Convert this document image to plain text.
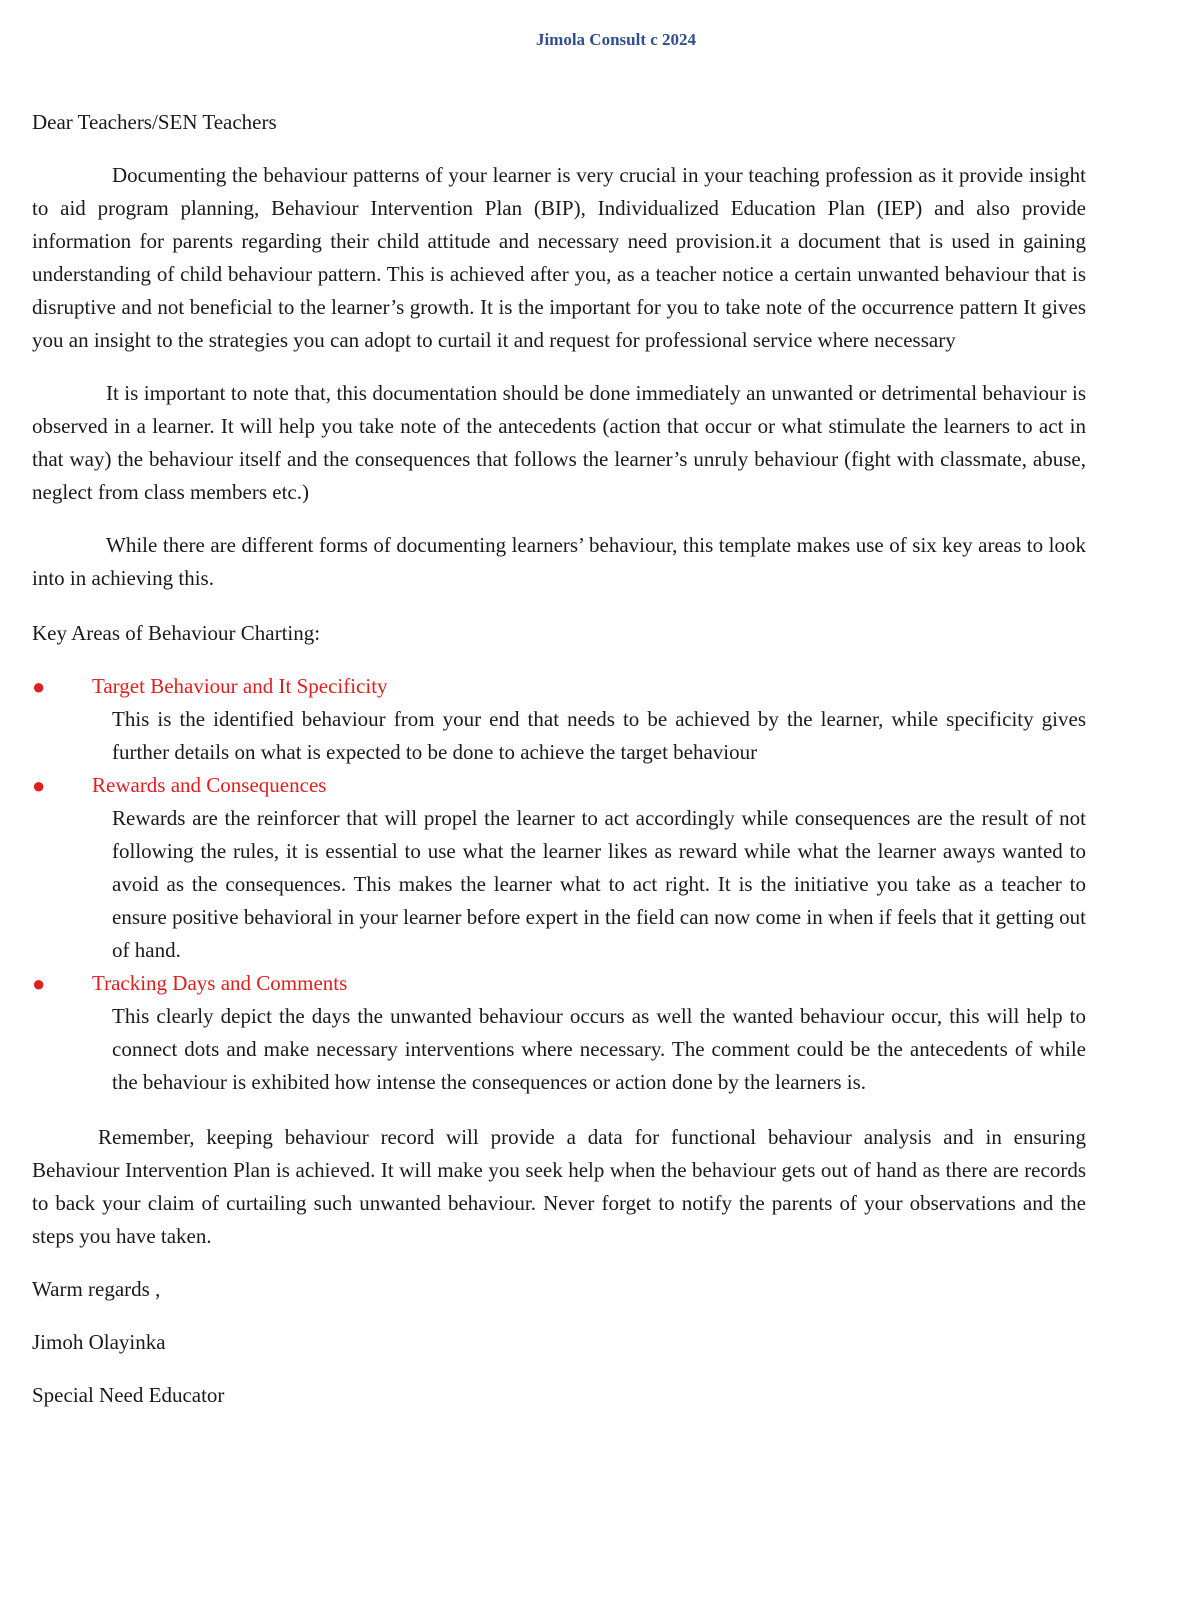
Jimola Consult c 2024
Dear Teachers/SEN Teachers

Documenting the behaviour patterns of your learner is very crucial in your teaching profession as it provide insight to aid program planning, Behaviour Intervention Plan (BIP), Individualized Education Plan (IEP) and also provide information for parents regarding their child attitude and necessary need provision.it a document that is used in gaining understanding of child behaviour pattern. This is achieved after you, as a teacher notice a certain unwanted behaviour that is disruptive and not beneficial to the learner’s growth. It is the important for you to take note of the occurrence pattern It gives you an insight to the strategies you can adopt to curtail it and request for professional service where necessary

It is important to note that, this documentation should be done immediately an unwanted or detrimental behaviour is observed in a learner. It will help you take note of the antecedents (action that occur or what stimulate the learners to act in that way) the behaviour itself and the consequences that follows the learner’s unruly behaviour (fight with classmate, abuse, neglect from class members etc.)

While there are different forms of documenting learners’ behaviour, this template makes use of six key areas to look into in achieving this.

Key Areas of Behaviour Charting:
●	Target Behaviour and It Specificity
This is the identified behaviour from your end that needs to be achieved by the learner, while specificity gives further details on what is expected to be done to achieve the target behaviour
●	Rewards and Consequences
Rewards are the reinforcer that will propel the learner to act accordingly while consequences are the result of not following the rules, it is essential to use what the learner likes as reward while what the learner aways wanted to avoid as the consequences. This makes the learner what to act right. It is the initiative you take as a teacher to ensure positive behavioral in your learner before expert in the field can now come in when if feels that it getting out of hand.
●	Tracking Days and Comments
This clearly depict the days the unwanted behaviour occurs as well the wanted behaviour occur, this will help to connect dots and make necessary interventions where necessary. The comment could be the antecedents of while the behaviour is exhibited how intense the consequences or action done by the learners is.

Remember, keeping behaviour record will provide a data for functional behaviour analysis and in ensuring Behaviour Intervention Plan is achieved. It will make you seek help when the behaviour gets out of hand as there are records to back your claim of curtailing such unwanted behaviour. Never forget to notify the parents of your observations and the steps you have taken.

Warm regards ,
Jimoh Olayinka
Special Need Educator
